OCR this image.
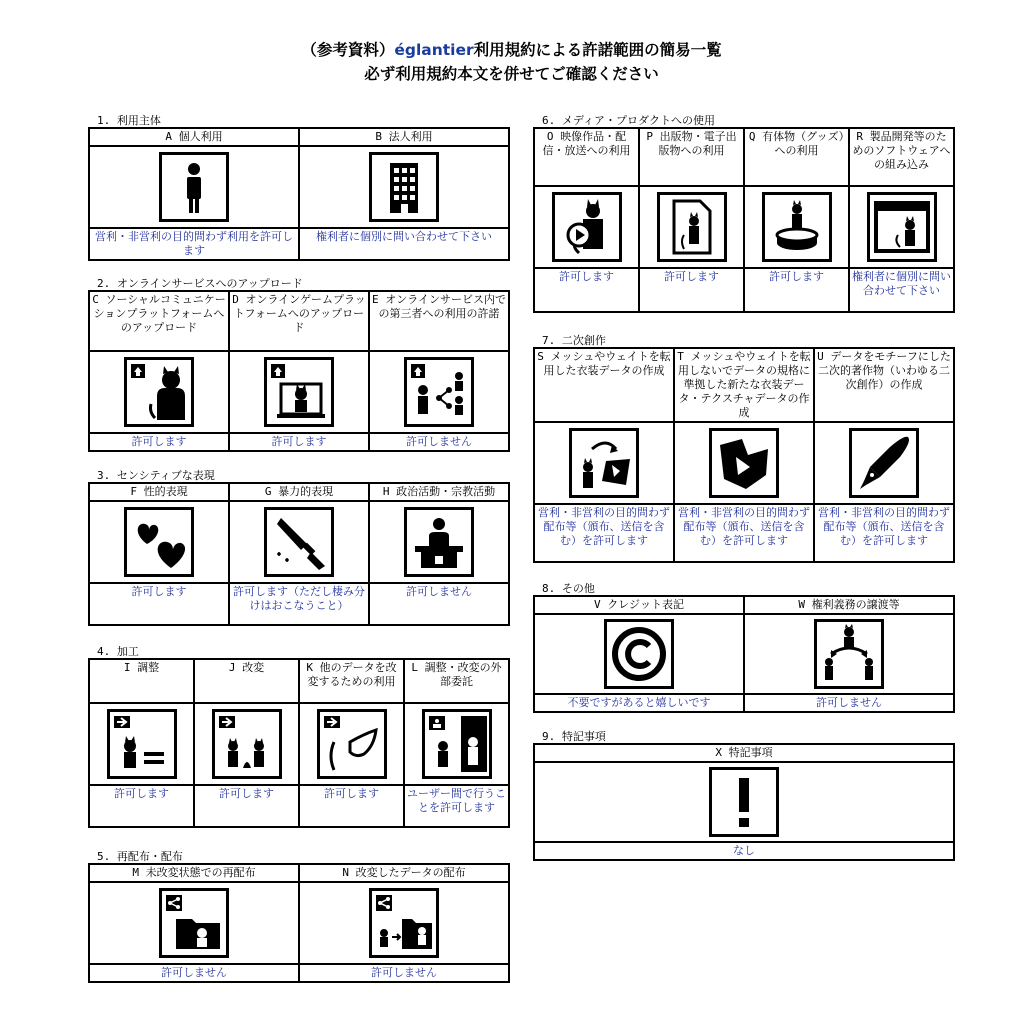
（参考資料）églantier利用規約による許諾範囲の簡易一覧
必ず利用規約本文を併せてご確認ください
1. 利用主体
A 個人利用	B 法人利用

営利・非営利の目的問わず利用を許可します	権利者に個別に問い合わせて下さい
2. オンラインサービスへのアップロード
C ソーシャルコミュニケーションプラットフォームへのアップロード	D オンラインゲームプラットフォームへのアップロード	E オンラインサービス内での第三者への利用の許諾

許可します	許可します	許可しません
3. センシティブな表現
F 性的表現	G 暴力的表現	H 政治活動・宗教活動

許可します	許可します（ただし棲み分けはおこなうこと）	許可しません
4. 加工
I 調整	J 改変	K 他のデータを改変するための利用	L 調整・改変の外部委託

許可します	許可します	許可します	ユーザー間で行うことを許可します
5. 再配布・配布
M 未改変状態での再配布	N 改変したデータの配布

許可しません	許可しません
6. メディア・プロダクトへの使用
O 映像作品・配信・放送への利用	P 出版物・電子出版物への利用	Q 有体物（グッズ）への利用	R 製品開発等のためのソフトウェアへの組み込み

許可します	許可します	許可します	権利者に個別に問い合わせて下さい
7. 二次創作
S メッシュやウェイトを転用した衣装データの作成	T メッシュやウェイトを転用しないでデータの規格に準拠した新たな衣装データ・テクスチャデータの作成	U データをモチーフにした二次的著作物（いわゆる二次創作）の作成

営利・非営利の目的問わず配布等（頒布、送信を含む）を許可します	営利・非営利の目的問わず配布等（頒布、送信を含む）を許可します	営利・非営利の目的問わず配布等（頒布、送信を含む）を許可します
8. その他
V クレジット表記	W 権利義務の譲渡等

不要ですがあると嬉しいです	許可しません
9. 特記事項
X 特記事項

なし
